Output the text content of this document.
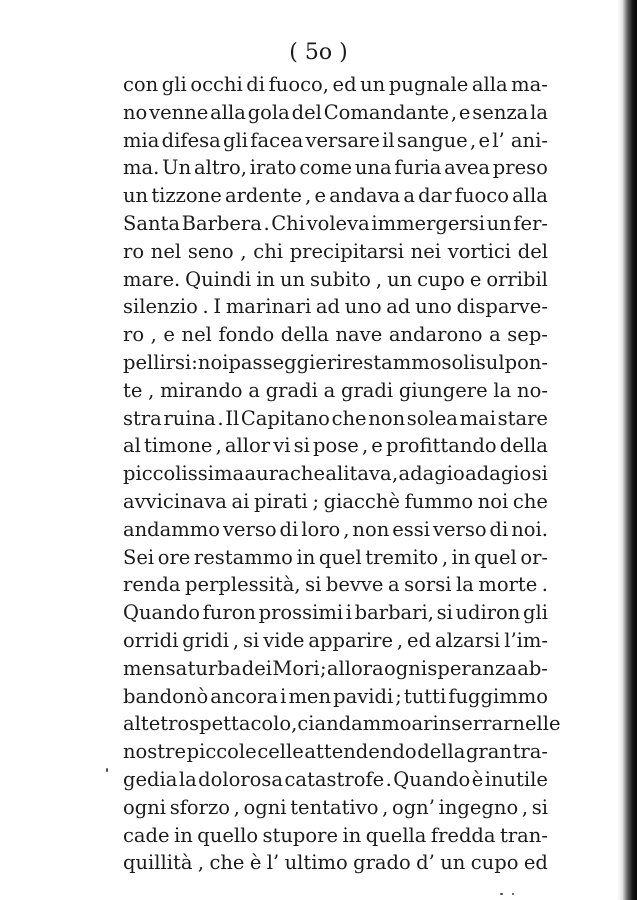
( 5o )
con gli occhi di fuoco, ed un pugnale alla ma-
no venne alla gola del Comandante , e senza la
mia difesa gli facea versare il sangue , e l’ ani-
ma. Un altro, irato come una furia avea preso
un tizzone ardente , e andava a dar fuoco alla
Santa Barbera . Chi voleva immergersi un fer-
ro nel seno , chi precipitarsi nei vortici del
mare. Quindi in un subito , un cupo e orribil
silenzio . I marinari ad uno ad uno disparve-
ro , e nel fondo della nave andarono a sep-
pellirsi: noi passeggieri restammo soli sul pon-
te , mirando a gradi a gradi giungere la no-
stra ruina . Il Capitano che non solea mai stare
al timone , allor vi si pose , e profittando della
piccolissima aura che alitava , adagio adagio si
avvicinava ai pirati ; giacchè fummo noi che
andammo verso di loro , non essi verso di noi.
Sei ore restammo in quel tremito , in quel or-
renda perplessità, si bevve a sorsi la morte .
Quando furon prossimi i barbari, si udiron gli
orridi gridi , si vide apparire , ed alzarsi l’im-
mensa turba dei Mori ; allora ogni speranza ab-
bandonò ancora i men pavidi ; tutti fuggimmo
al tetro spettacolo, ci andammo a rinserrar nelle
nostre piccole celle attendendo della gran tra-
gedia la dolorosa catastrofe . Quando è inutile
ogni sforzo , ogni tentativo , ogn’ ingegno , si
cade in quello stupore in quella fredda tran-
quillità , che è l’ ultimo grado d’ un cupo ed
